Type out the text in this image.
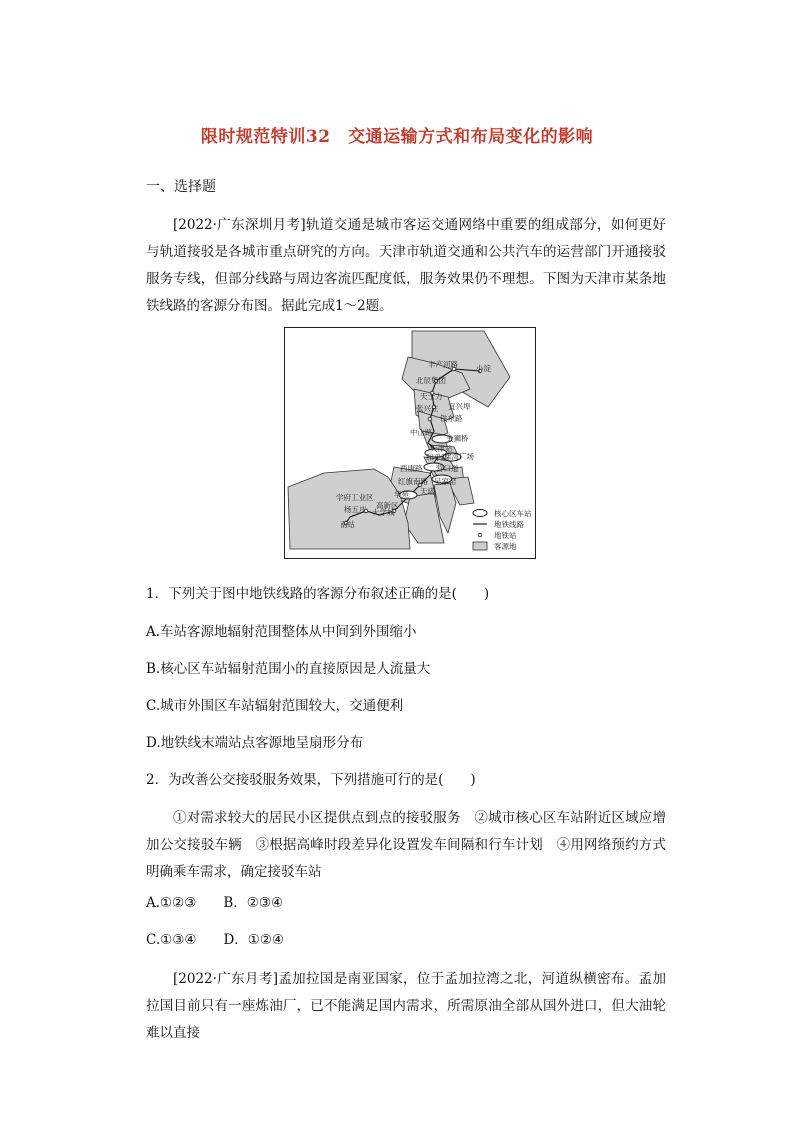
限时规范特训32　交通运输方式和布局变化的影响
一、选择题
[2022·广东深圳月考]轨道交通是城市客运交通网络中重要的组成部分，如何更好与轨道接驳是各城市重点研究的方向。天津市轨道交通和公共汽车的运营部门开通接驳服务专线，但部分线路与周边客流匹配度低，服务效果仍不理想。下图为天津市某条地铁线路的客源分布图。据此完成1～2题。
丰产河路 小淀
北辰集团
天士力
宜兴埠
张兴庄
铁东路
中山路
金狮桥
天津站
和平路
津湾广场
西康路 营口道
红旗南路 吴家窑
学府工业区	华苑
高新区
天塔
杨五庄 大学城
南站
核心区车站
地铁线路
地铁站
客源地
1．下列关于图中地铁线路的客源分布叙述正确的是(　　)
A.车站客源地辐射范围整体从中间到外围缩小
B.核心区车站辐射范围小的直接原因是人流量大
C.城市外围区车站辐射范围较大，交通便利
D.地铁线末端站点客源地呈扇形分布
2．为改善公交接驳服务效果，下列措施可行的是(　　)
①对需求较大的居民小区提供点到点的接驳服务　②城市核心区车站附近区域应增加公交接驳车辆　③根据高峰时段差异化设置发车间隔和行车计划　④用网络预约方式明确乘车需求，确定接驳车站
A.①②③　　B．②③④
C.①③④　　D．①②④
[2022·广东月考]孟加拉国是南亚国家，位于孟加拉湾之北，河道纵横密布。孟加拉国目前只有一座炼油厂，已不能满足国内需求，所需原油全部从国外进口，但大油轮难以直接
